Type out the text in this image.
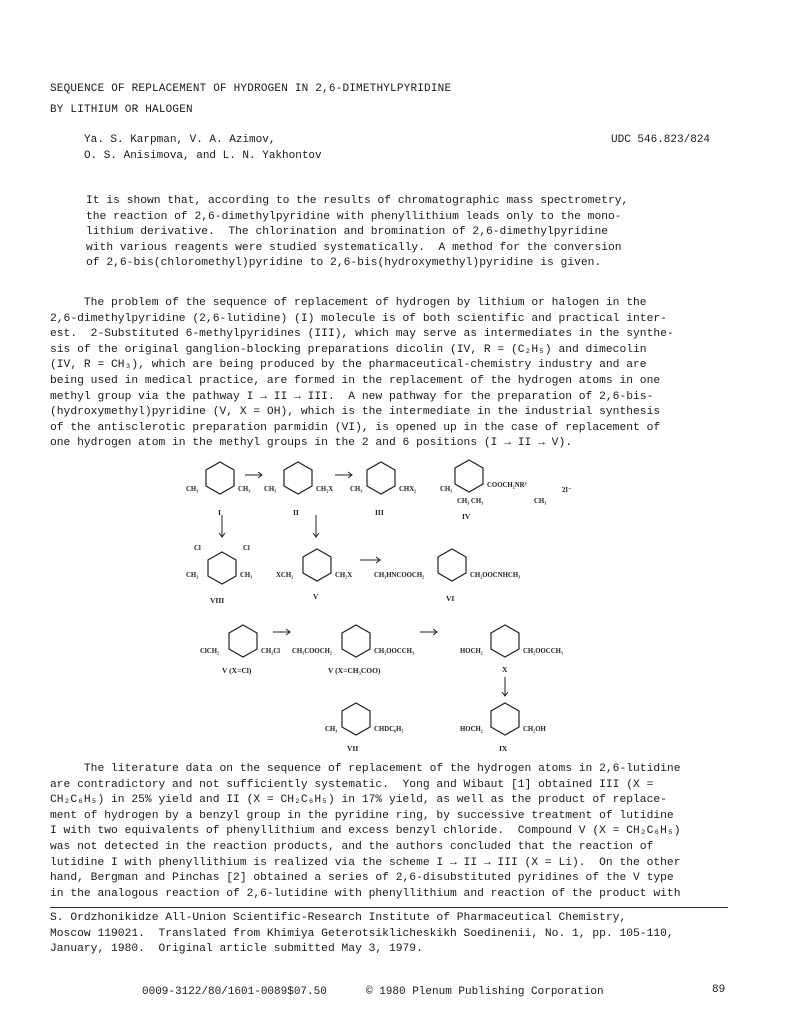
SEQUENCE OF REPLACEMENT OF HYDROGEN IN 2,6-DIMETHYLPYRIDINE
BY LITHIUM OR HALOGEN
Ya. S. Karpman, V. A. Azimov,
O. S. Anisimova, and L. N. Yakhontov
UDC 546.823/824
It is shown that, according to the results of chromatographic mass spectrometry,
the reaction of 2,6-dimethylpyridine with phenyllithium leads only to the mono-
lithium derivative.  The chlorination and bromination of 2,6-dimethylpyridine
with various reagents were studied systematically.  A method for the conversion
of 2,6-bis(chloromethyl)pyridine to 2,6-bis(hydroxymethyl)pyridine is given.
The problem of the sequence of replacement of hydrogen by lithium or halogen in the
2,6-dimethylpyridine (2,6-lutidine) (I) molecule is of both scientific and practical inter-
est.  2-Substituted 6-methylpyridines (III), which may serve as intermediates in the synthe-
sis of the original ganglion-blocking preparations dicolin (IV, R = (C₂H₅) and dimecolin
(IV, R = CH₃), which are being produced by the pharmaceutical-chemistry industry and are
being used in medical practice, are formed in the replacement of the hydrogen atoms in one
methyl group via the pathway I → II → III.  A new pathway for the preparation of 2,6-bis-
(hydroxymethyl)pyridine (V, X = OH), which is the intermediate in the industrial synthesis
of the antisclerotic preparation parmidin (VI), is opened up in the case of replacement of
one hydrogen atom in the methyl groups in the 2 and 6 positions (I → II → V).
CH₃	CH₃
I
CH₃	CH₂X
II
CH₃	CHX₂
III
CH₃
COOCH₂NR²
CH₃ CH₃	CH₃
2I⁻
IV
Cl	Cl
CH₃	CH₃
VIII
XCH₂	CH₂X
V
CH₃HNCOOCH₂	CH₂OOCNHCH₃
VI
ClCH₂	CH₂Cl
V (X=Cl)
CH₃COOCH₂	CH₂OOCCH₃
V (X=CH₃COO)
HOCH₂	CH₂OOCCH₃
X
CH₃	CHDC₆H₅
VII
HOCH₂	CH₂OH
IX
The literature data on the sequence of replacement of the hydrogen atoms in 2,6-lutidine
are contradictory and not sufficiently systematic.  Yong and Wibaut [1] obtained III (X =
CH₂C₆H₅) in 25% yield and II (X = CH₂C₆H₅) in 17% yield, as well as the product of replace-
ment of hydrogen by a benzyl group in the pyridine ring, by successive treatment of lutidine
I with two equivalents of phenyllithium and excess benzyl chloride.  Compound V (X = CH₂C₆H₅)
was not detected in the reaction products, and the authors concluded that the reaction of
lutidine I with phenyllithium is realized via the scheme I → II → III (X = Li).  On the other
hand, Bergman and Pinchas [2] obtained a series of 2,6-disubstituted pyridines of the V type
in the analogous reaction of 2,6-lutidine with phenyllithium and reaction of the product with
S. Ordzhonikidze All-Union Scientific-Research Institute of Pharmaceutical Chemistry,
Moscow 119021.  Translated from Khimiya Geterotsiklicheskikh Soedinenii, No. 1, pp. 105-110,
January, 1980.  Original article submitted May 3, 1979.
0009-3122/80/1601-0089$07.50	© 1980 Plenum Publishing Corporation	89
